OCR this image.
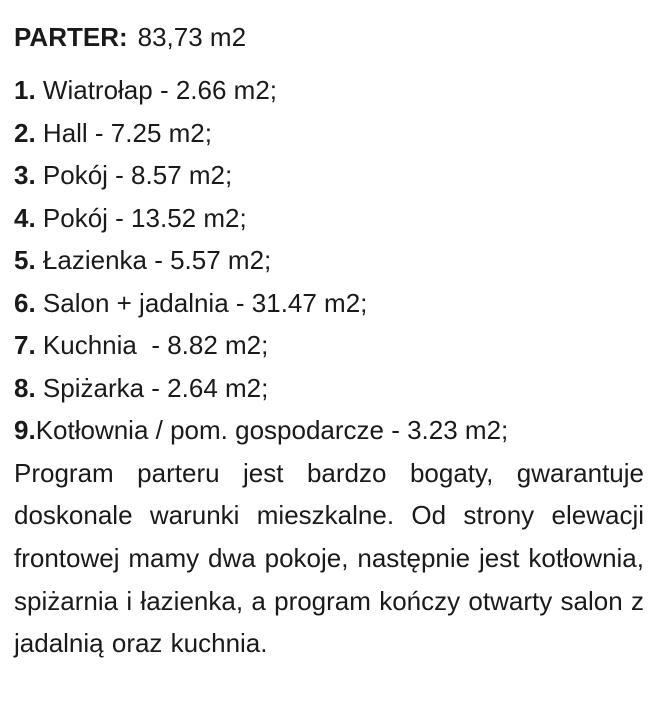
PARTER: 83,73 m2
1. Wiatrołap - 2.66 m2;
2. Hall - 7.25 m2;
3. Pokój - 8.57 m2;
4. Pokój - 13.52 m2;
5. Łazienka - 5.57 m2;
6. Salon + jadalnia - 31.47 m2;
7. Kuchnia  - 8.82 m2;
8. Spiżarka - 2.64 m2;
9.Kotłownia / pom. gospodarcze - 3.23 m2;

Program parteru jest bardzo bogaty, gwarantuje doskonale warunki mieszkalne. Od strony elewacji frontowej mamy dwa pokoje, następnie jest kotłownia, spiżarnia i łazienka, a program kończy otwarty salon z jadalnią oraz kuchnia.
